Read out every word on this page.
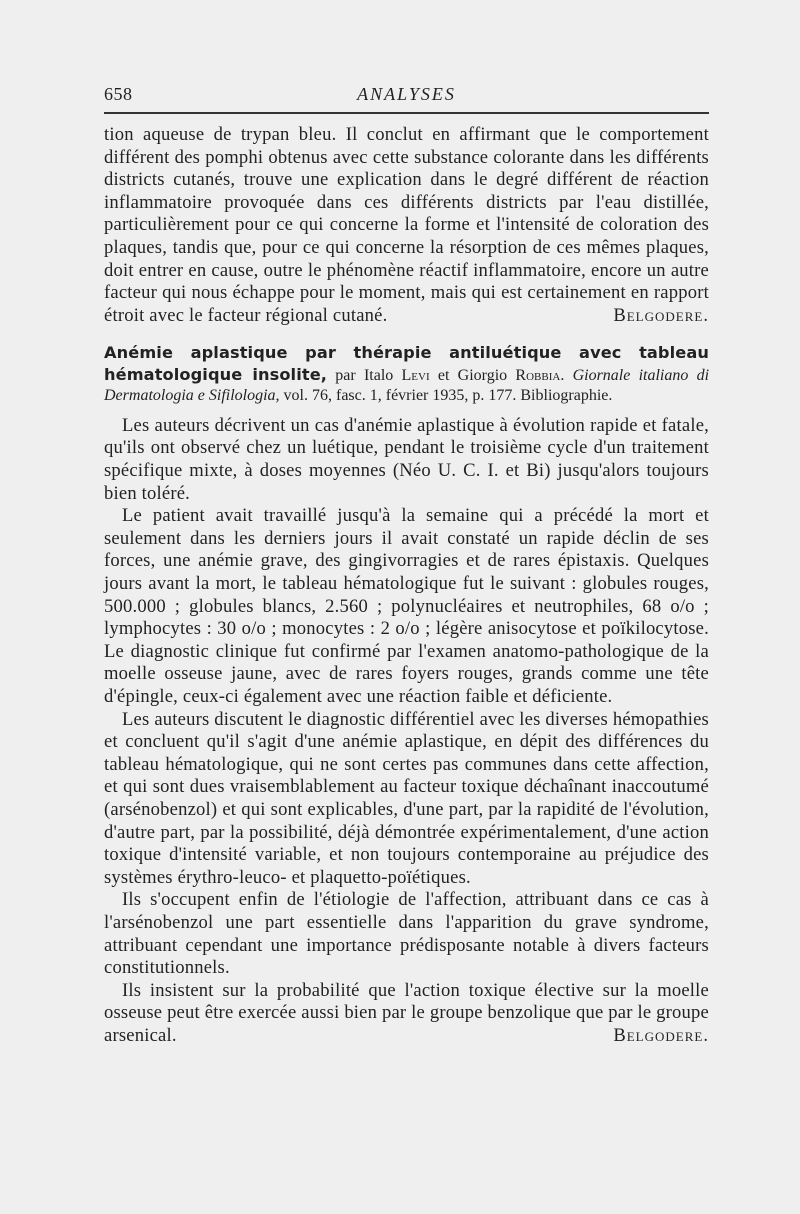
658	ANALYSES

tion aqueuse de trypan bleu. Il conclut en affirmant que le comportement différent des pomphi obtenus avec cette substance colorante dans les différents districts cutanés, trouve une explication dans le degré différent de réaction inflammatoire provoquée dans ces différents districts par l'eau distillée, particulièrement pour ce qui concerne la forme et l'intensité de coloration des plaques, tandis que, pour ce qui concerne la résorption de ces mêmes plaques, doit entrer en cause, outre le phénomène réactif inflammatoire, encore un autre facteur qui nous échappe pour le moment, mais qui est certainement en rapport étroit avec le facteur régional cutané.	Belgodere.

Anémie aplastique par thérapie antiluétique avec tableau hématologique insolite, par Italo Levi et Giorgio Robbia. Giornale italiano di Dermatologia e Sifilologia, vol. 76, fasc. 1, février 1935, p. 177. Bibliographie.

Les auteurs décrivent un cas d'anémie aplastique à évolution rapide et fatale, qu'ils ont observé chez un luétique, pendant le troisième cycle d'un traitement spécifique mixte, à doses moyennes (Néo U. C. I. et Bi) jusqu'alors toujours bien toléré.

Le patient avait travaillé jusqu'à la semaine qui a précédé la mort et seulement dans les derniers jours il avait constaté un rapide déclin de ses forces, une anémie grave, des gingivorragies et de rares épistaxis. Quelques jours avant la mort, le tableau hématologique fut le suivant : globules rouges, 500.000 ; globules blancs, 2.560 ; polynucléaires et neutrophiles, 68 o/o ; lymphocytes : 30 o/o ; monocytes : 2 o/o ; légère anisocytose et poïkilocytose. Le diagnostic clinique fut confirmé par l'examen anatomo-pathologique de la moelle osseuse jaune, avec de rares foyers rouges, grands comme une tête d'épingle, ceux-ci également avec une réaction faible et déficiente.

Les auteurs discutent le diagnostic différentiel avec les diverses hémopathies et concluent qu'il s'agit d'une anémie aplastique, en dépit des différences du tableau hématologique, qui ne sont certes pas communes dans cette affection, et qui sont dues vraisemblablement au facteur toxique déchaînant inaccoutumé (arsénobenzol) et qui sont explicables, d'une part, par la rapidité de l'évolution, d'autre part, par la possibilité, déjà démontrée expérimentalement, d'une action toxique d'intensité variable, et non toujours contemporaine au préjudice des systèmes érythro-leuco- et plaquetto-poïétiques.

Ils s'occupent enfin de l'étiologie de l'affection, attribuant dans ce cas à l'arsénobenzol une part essentielle dans l'apparition du grave syndrome, attribuant cependant une importance prédisposante notable à divers facteurs constitutionnels.

Ils insistent sur la probabilité que l'action toxique élective sur la moelle osseuse peut être exercée aussi bien par le groupe benzolique que par le groupe arsenical.	Belgodere.
